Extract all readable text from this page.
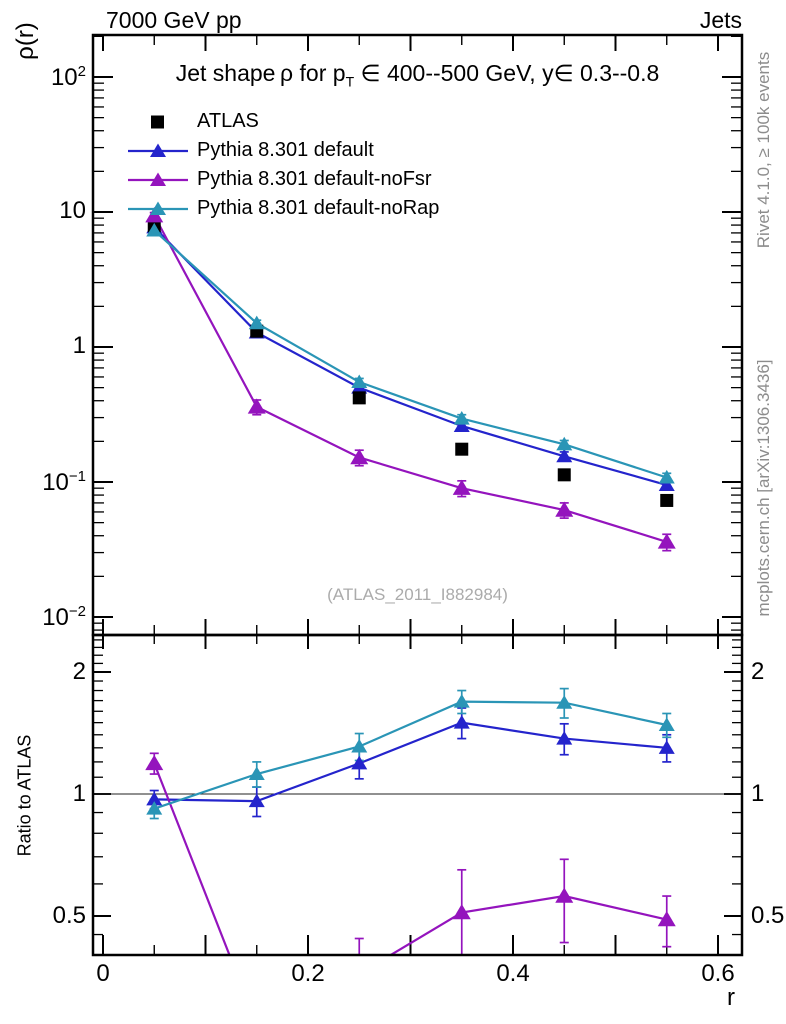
7000 GeV pp	Jets
Jet shape ρ for $p_T$ ∈ 400--500 GeV, y∈ 0.3--0.8
ρ(r)
Ratio to ATLAS
Rivet 4.1.0, ≥ 100k events
mcplots.cern.ch [arXiv:1306.3436]
(ATLAS_2011_I882984)
r
ATLAS
Pythia 8.301 default
Pythia 8.301 default-noFsr
Pythia 8.301 default-noRap
$10^2$
10
1
$10^{-1}$
$10^{-2}$
2	2
1	1
0.5	0.5
0	0.2	0.4	0.6
